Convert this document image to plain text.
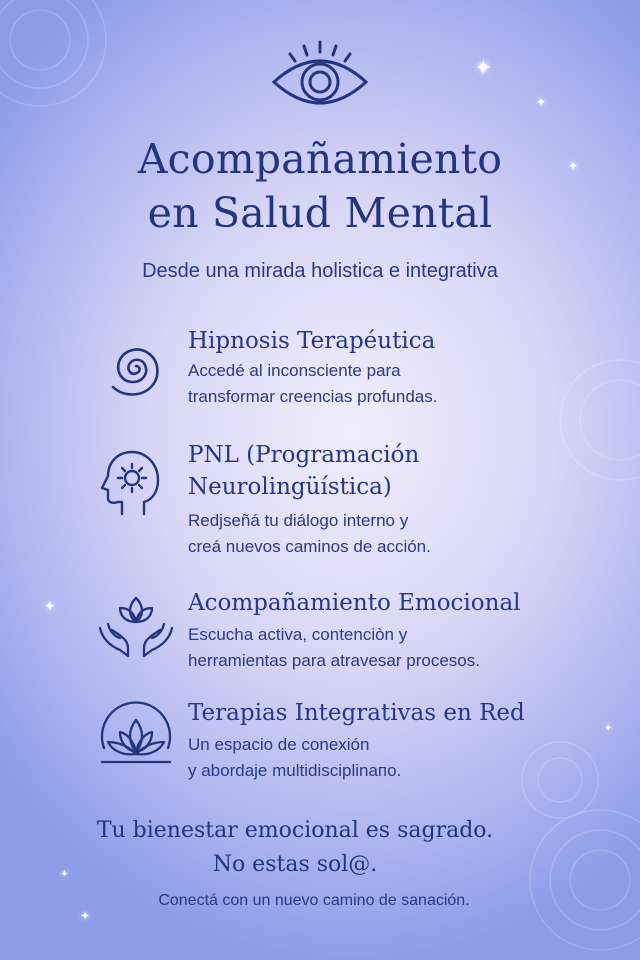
✦
✦
✦
✦
✦
✦
✦
Acompañamiento
en Salud Mental
Desde una mirada holistica e integrativa
Hipnosis Terapéutica
Accedé al inconsciente para
transformar creencias profundas.
PNL (Programación
Neurolingüística)
Redjseñá tu diálogo interno y
creá nuevos caminos de acción.
Acompañamiento Emocional
Escucha activa, contenciòn y
herramientas para atravesar procesos.
Terapias Integrativas en Red
Un espacio de conexión
y abordaje multidisciplinaпo.
Tu bienestar emocional es sagrado.
No estas sol@.
Conectá con un nuevo camino de sanación.
